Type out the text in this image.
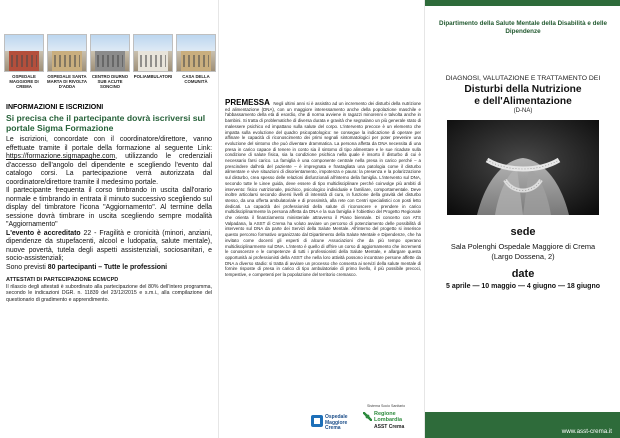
OSPEDALE MAGGIORE DI CREMA
OSPEDALE SANTA MARTA DI RIVOLTA D'ADDA
CENTRO DIURNO SUB ACUTE SONCINO
POLIAMBULATORI	CASA DELLA COMUNITÀ
INFORMAZIONI E ISCRIZIONI
Si precisa che il partecipante dovrà iscriversi sul portale Sigma Formazione

Le iscrizioni, concordate con il coordinatore/direttore, vanno effettuate tramite il portale della formazione al seguente Link: https://formazione.sigmapaghe.com, utilizzando le credenziali d'accesso dell'angolo del dipendente e scegliendo l'evento dal catalogo corsi. La partecipazione verrà autorizzata dal coordinatore/direttore tramite il medesimo portale.

Il partecipante frequenta il corso timbrando in uscita dall'orario normale e timbrando in entrata il minuto successivo scegliendo sul display del timbratore l'icona "Aggiornamento". Al termine della sessione dovrà timbrare in uscita scegliendo sempre modalità "Aggiornamento"

L'evento è accreditato 22 - Fragilità e cronicità (minori, anziani, dipendenze da stupefacenti, alcool e ludopatia, salute mentale), nuove povertà, tutela degli aspetti assistenziali, sociosanitari, e socio-assistenziali;

Sono previsti 80 partecipanti – Tutte le professioni

ATTESTATI DI PARTECIPAZIONE ECM/CPD
Il rilascio degli attestati è subordinato alla partecipazione del 80% dell'intero programma, secondo le indicazioni DGR. n. 11839 del 23/12/2015 e s.m.i., alla compilazione del questionario di gradimento e apprendimento.
PREMESSA Negli ultimi anni si è assistito ad un incremento dei disturbi della nutrizione ed alimentazione (DNA), con un maggiore interessamento anche della popolazione maschile e l'abbassamento della età di esordio, che di norma avviene in ragazzi minorenni e talvolta anche in bambini. Si tratta di problematiche di diversa durata e gravità che segnalano un più generale stato di malessere psichico ed impattano sulla salute del corpo. L'intervento precoce è un elemento che impatta sulla evoluzione del quadro psicopatologico: ne consegue la indicazione di operare per affinare le capacità di riconoscimento dei primi segnali sintomatologici per poter prevenire una evoluzione del sintomo che può diventare drammatica. La persona affetta da DNA necessita di una presa in carico capace di tenere in conto sia il sintomo di tipo alimentare e le sue ricadute sulla condizione di salute fisica, sia la condizione psichica nella quale è insorto il disturbo di cui è necessario farsi carico. La famiglia è una componente centrale nella presa in carico perché – a prescindere dall'età del paziente – è impregnata e frastagliata una patologia come il disturbo alimentare e vive situazioni di disorientamento, impotenza e paura: la presenza e la polarizzazione sul disturbo, crea spesso delle relazioni disfunzionali all'interno della famiglia. L'intervento sul DNA, secondo tutte le Linee guida, deve essere di tipo multidisciplinare perché coinvolge più ambiti di intervento: fisico nutrizionale, psichico, psicologico individuale e familiare, comportamentale. Deve inoltre articolarsi secondo diversi livelli di intensità di cura, in funzione della gravità del disturbo stesso, da una offerta ambulatoriale e di prossimità, alla rete con Centri specialistici con posti letto dedicati. La capacità dei professionisti della salute di riconoscere e prendere in carico multidisciplinarmente la persona affetta da DNA e la sua famiglia è l'obiettivo del Progetto Regionale che orienta il finanziamento ministeriale attraverso il Piano biennale. Di concerto con ATS Valpadana, la ASST di Crema ha voluto avviare un percorso di potenziamento delle possibilità di intervento sul DNA da parte dei Servizi della Salute Mentale. All'interno del progetto si inserisce questo percorso formativo organizzato dal Dipartimento della Salute Mentale e Dipendenze, che ha invitato come docenti gli esperti di alcune Associazioni che da più tempo operano multidisciplinarmente sul DNA. L'intento è quello di offrire un corso di aggiornamento che incrementi le conoscenze e le competenze di tutti i professionisti della Salute Mentale, e allargare questa opportunità ai professionisti della ASST che nella loro attività possono incontrare persone affette da DNA a diverso stadio: si tratta di avviare un processo che consenta ai servizi della salute mentale di fornire risposte di presa in carico di tipo ambulatoriale di primo livello, il più possibile precoci, tempestive, e competenti per la popolazione del territorio cremasco.
Sistema Socio Sanitario
Ospedale
Maggiore
Crema
Regione
Lombardia
ASST Crema
Dipartimento della Salute Mentale della Disabilità e delle Dipendenze
DIAGNOSI, VALUTAZIONE E TRATTAMENTO DEI
Disturbi della Nutrizione
e dell'Alimentazione
(D-NA)
sede
Sala Polenghi Ospedale Maggiore di Crema
(Largo Dossena, 2)
date
5 aprile — 10 maggio — 4 giugno — 18 giugno
www.asst-crema.it
